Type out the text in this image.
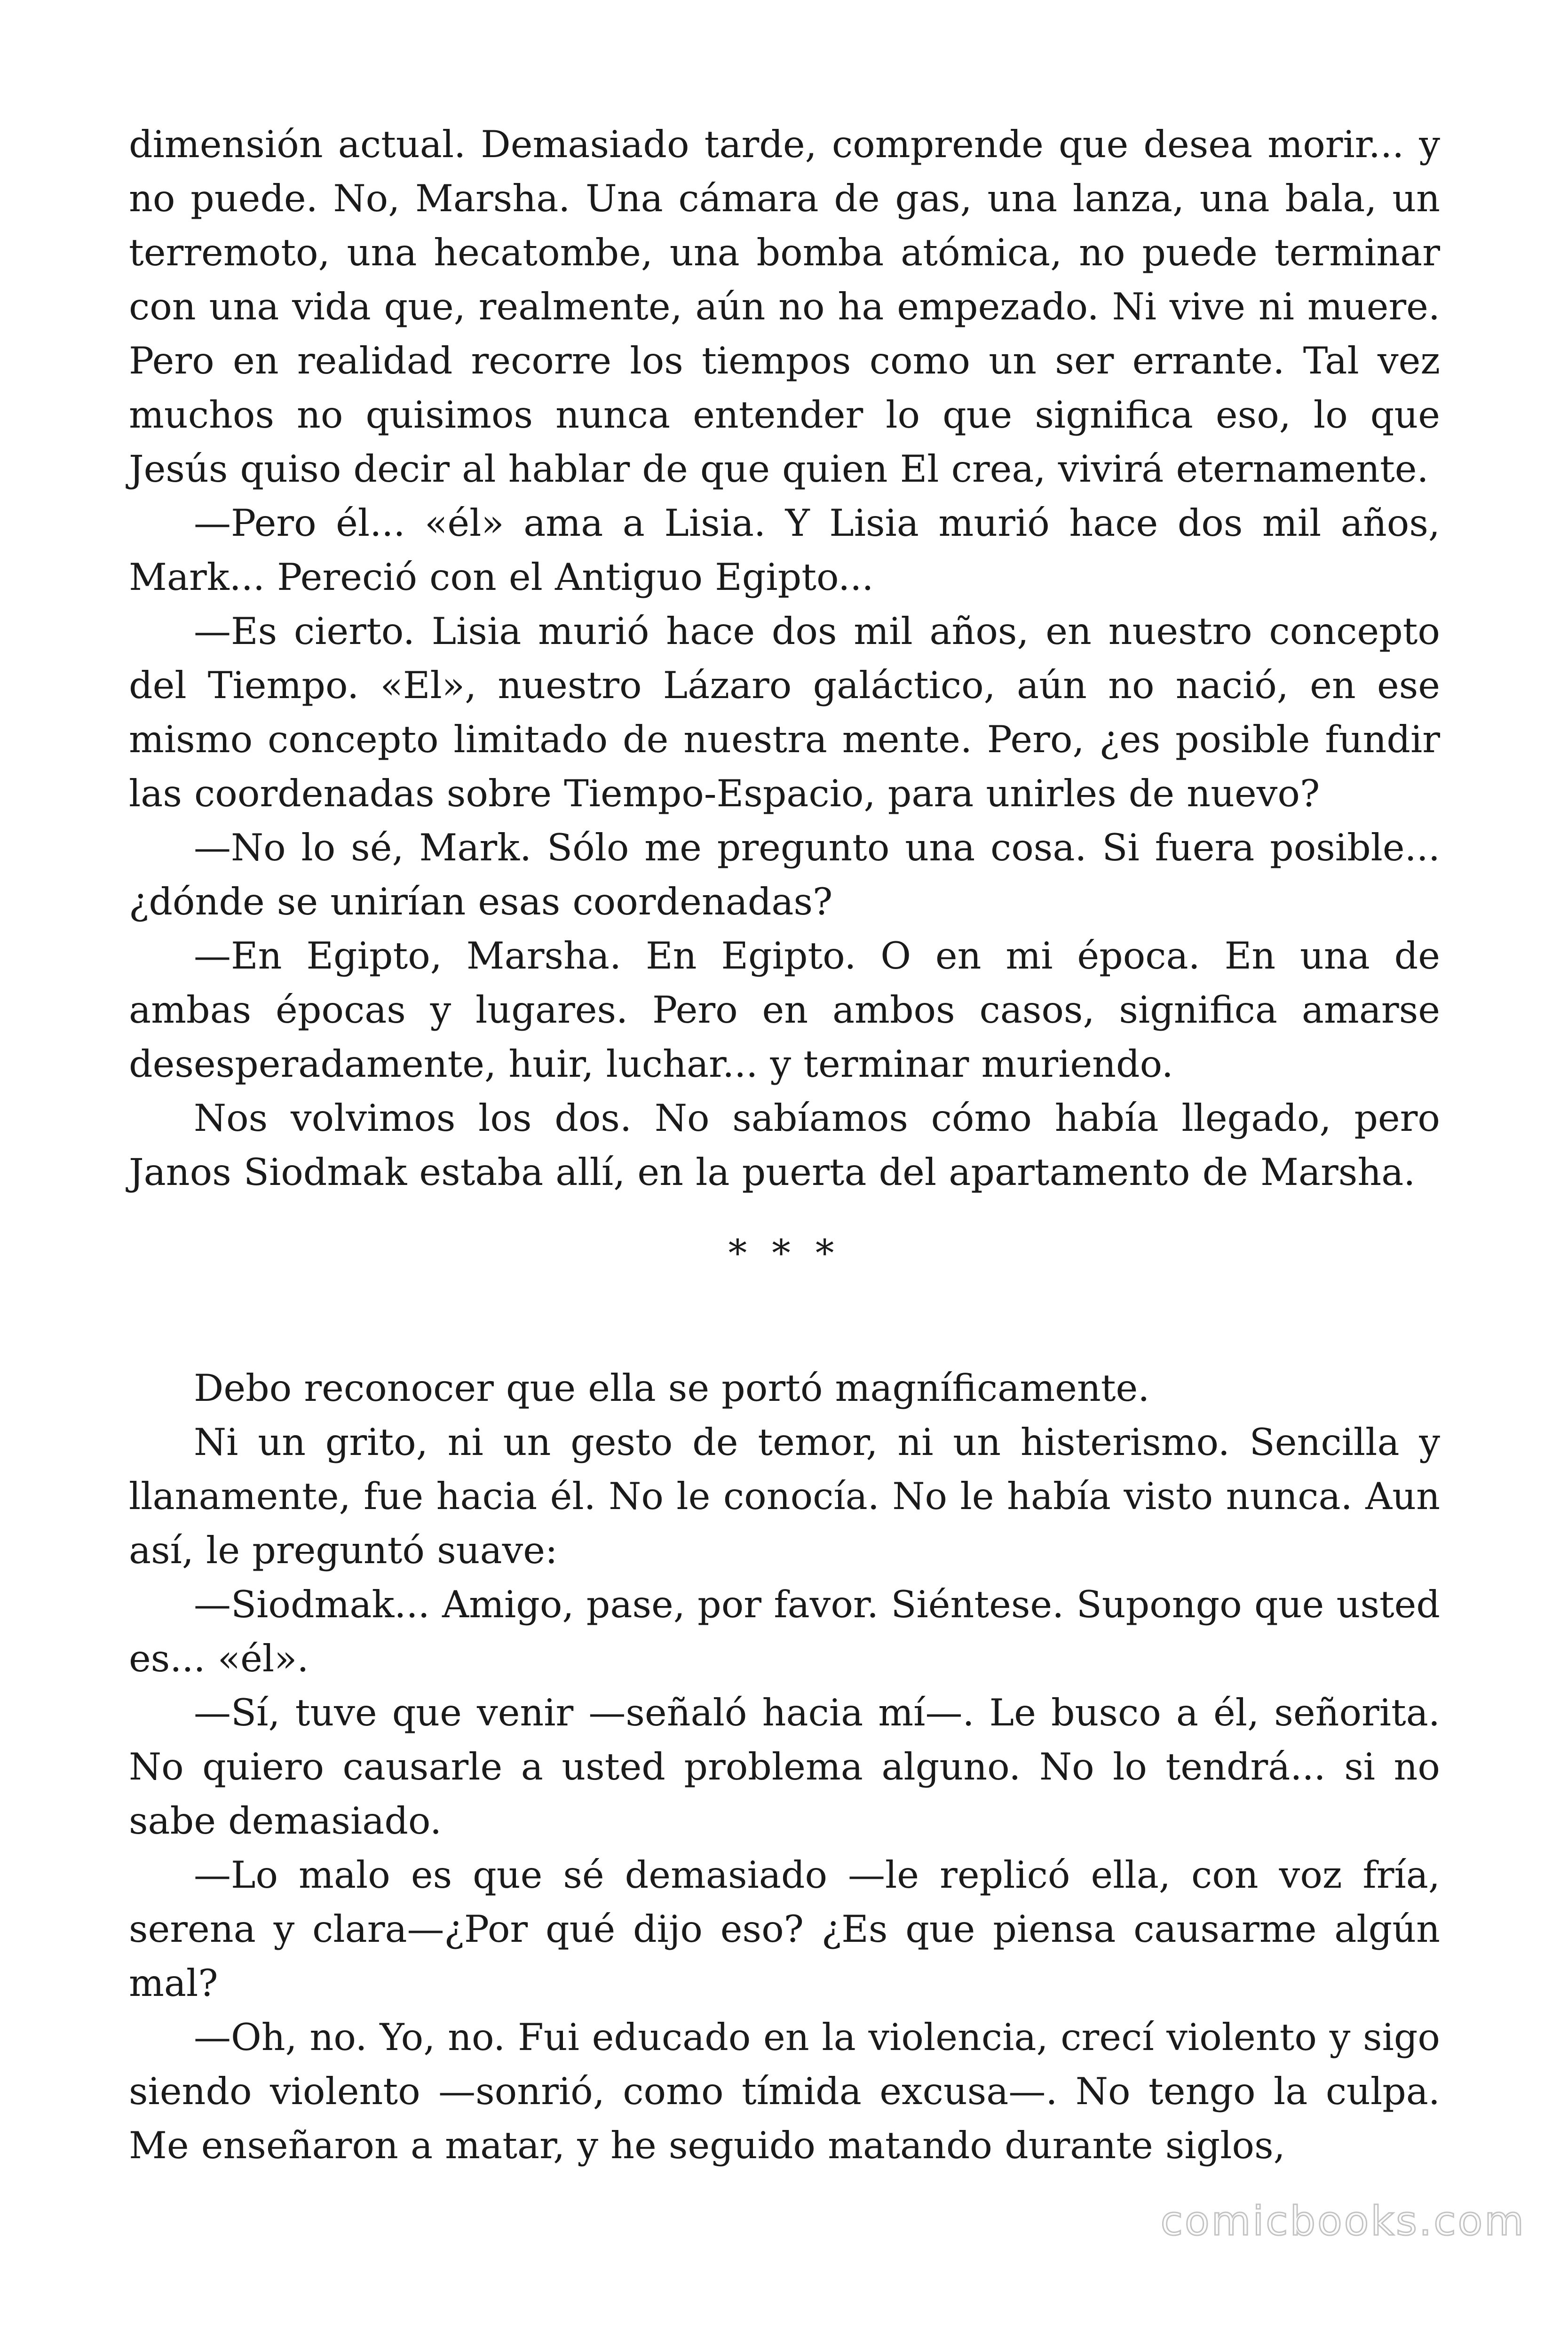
dimensión actual. Demasiado tarde, comprende que desea morir... y no puede. No, Marsha. Una cámara de gas, una lanza, una bala, un terremoto, una hecatombe, una bomba atómica, no puede terminar con una vida que, realmente, aún no ha empezado. Ni vive ni muere. Pero en realidad recorre los tiempos como un ser errante. Tal vez muchos no quisimos nunca entender lo que significa eso, lo que Jesús quiso decir al hablar de que quien El crea, vivirá eternamente.

—Pero él... «él» ama a Lisia. Y Lisia murió hace dos mil años, Mark... Pereció con el Antiguo Egipto...

—Es cierto. Lisia murió hace dos mil años, en nuestro concepto del Tiempo. «El», nuestro Lázaro galáctico, aún no nació, en ese mismo concepto limitado de nuestra mente. Pero, ¿es posible fundir las coordenadas sobre Tiempo-Espacio, para unirles de nuevo?

—No lo sé, Mark. Sólo me pregunto una cosa. Si fuera posible... ¿dónde se unirían esas coordenadas?

—En Egipto, Marsha. En Egipto. O en mi época. En una de ambas épocas y lugares. Pero en ambos casos, significa amarse desesperadamente, huir, luchar... y terminar muriendo.

Nos volvimos los dos. No sabíamos cómo había llegado, pero Janos Siodmak estaba allí, en la puerta del apartamento de Marsha.

* * *

Debo reconocer que ella se portó magníficamente.

Ni un grito, ni un gesto de temor, ni un histerismo. Sencilla y llanamente, fue hacia él. No le conocía. No le había visto nunca. Aun así, le preguntó suave:

—Siodmak... Amigo, pase, por favor. Siéntese. Supongo que usted es... «él».

—Sí, tuve que venir —señaló hacia mí—. Le busco a él, señorita. No quiero causarle a usted problema alguno. No lo tendrá... si no sabe demasiado.

—Lo malo es que sé demasiado —le replicó ella, con voz fría, serena y clara—¿Por qué dijo eso? ¿Es que piensa causarme algún mal?

—Oh, no. Yo, no. Fui educado en la violencia, crecí violento y sigo siendo violento —sonrió, como tímida excusa—. No tengo la culpa. Me enseñaron a matar, y he seguido matando durante siglos,

comicbooks.com
